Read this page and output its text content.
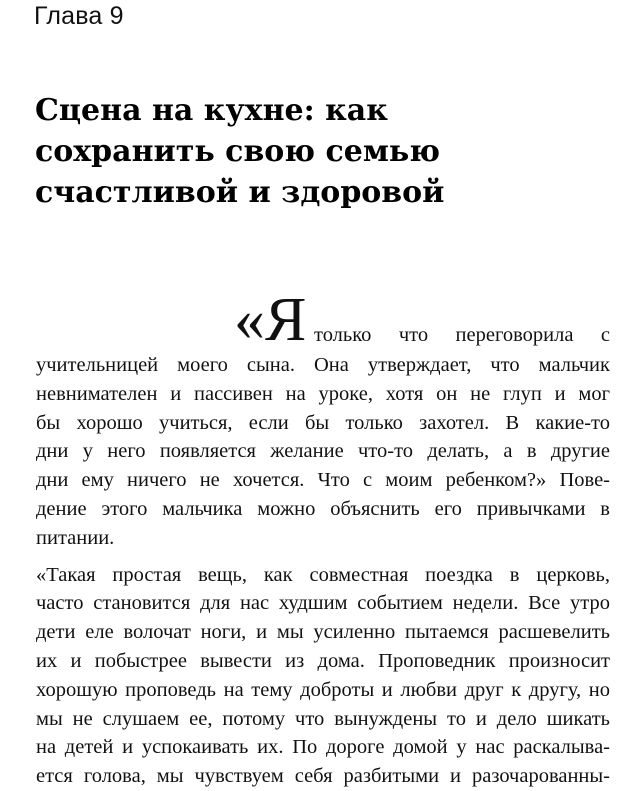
Глава 9
Сцена на кухне: как
сохранить свою семью
счастливой и здоровой
«Я только что переговорила с
учительницей моего сына. Она утверждает, что мальчик
невнимателен и пассивен на уроке, хотя он не глуп и мог
бы хорошо учиться, если бы только захотел. В какие-то
дни у него появляется желание что-то делать, а в другие
дни ему ничего не хочется. Что с моим ребенком?» Пове-
дение этого мальчика можно объяснить его привычками в
питании.
«Такая простая вещь, как совместная поездка в церковь,
часто становится для нас худшим событием недели. Все утро
дети еле волочат ноги, и мы усиленно пытаемся расшевелить
их и побыстрее вывести из дома. Проповедник произносит
хорошую проповедь на тему доброты и любви друг к другу, но
мы не слушаем ее, потому что вынуждены то и дело шикать
на детей и успокаивать их. По дороге домой у нас раскалыва-
ется голова, мы чувствуем себя разбитыми и разочарованны-
